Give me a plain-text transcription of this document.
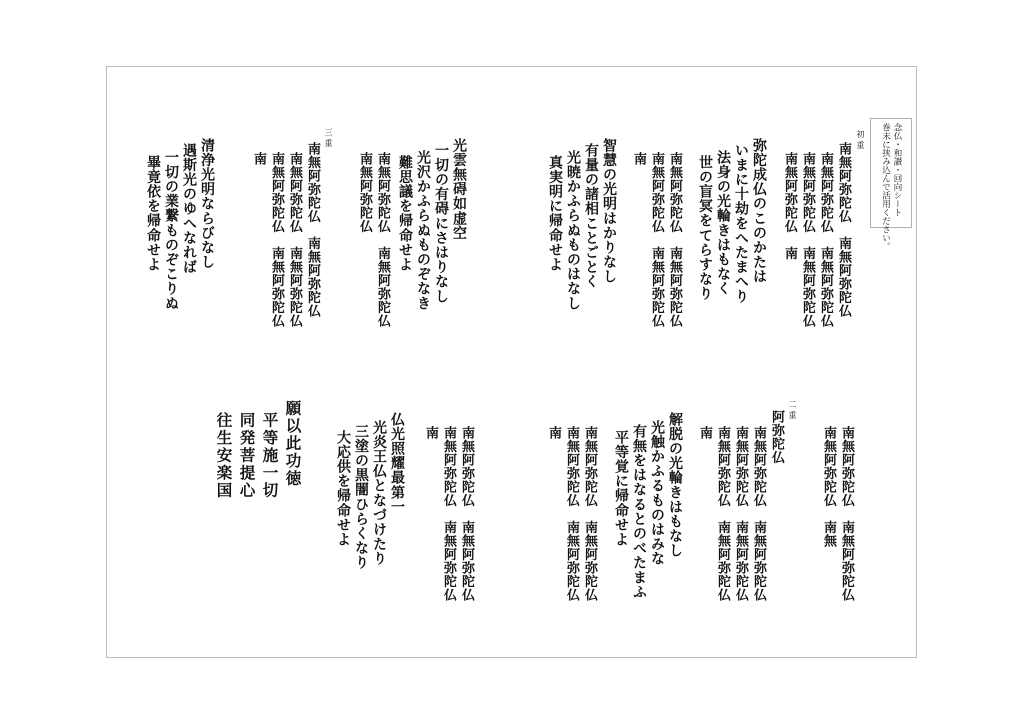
念仏・和讃・回向シート
巻末に挟み込んで活用ください。
初重
二重
三重
南無阿弥陀仏　南無阿弥陀仏
南無阿弥陀仏　南無阿弥陀仏
南無阿弥陀仏　南無阿弥陀仏
南無阿弥陀仏　南
弥陀成仏のこのかたは
いまに十劫をへたまへり
法身の光輪きはもなく
世の盲冥をてらすなり
南無阿弥陀仏　南無阿弥陀仏
南無阿弥陀仏　南無阿弥陀仏
南
智慧の光明はかりなし
有量の諸相ことごとく
光暁かふらぬものはなし
真実明に帰命せよ
光雲無碍如虚空
一切の有碍にさはりなし
光沢かふらぬものぞなき
難思議を帰命せよ
南無阿弥陀仏　南無阿弥陀仏
南無阿弥陀仏
南無阿弥陀仏　南無阿弥陀仏
南無阿弥陀仏　南無阿弥陀仏
南無阿弥陀仏　南無阿弥陀仏
南
清浄光明ならびなし
遇斯光のゆへなれば
一切の業繋ものぞこりぬ
畢竟依を帰命せよ
南無阿弥陀仏　南無阿弥陀仏
南無阿弥陀仏　南無
阿弥陀仏
南無阿弥陀仏　南無阿弥陀仏
南無阿弥陀仏　南無阿弥陀仏
南無阿弥陀仏　南無阿弥陀仏
南
解脱の光輪きはもなし
光触かふるものはみな
有無をはなるとのべたまふ
平等覚に帰命せよ
南無阿弥陀仏　南無阿弥陀仏
南無阿弥陀仏　南無阿弥陀仏
南
仏光照耀最第一
光炎王仏となづけたり
三塗の黒闇ひらくなり
大応供を帰命せよ	南無阿弥陀仏　南無阿弥陀仏
南無阿弥陀仏　南無阿弥陀仏
南
願以此功徳
平等施一切
同発菩提心
往生安楽国
